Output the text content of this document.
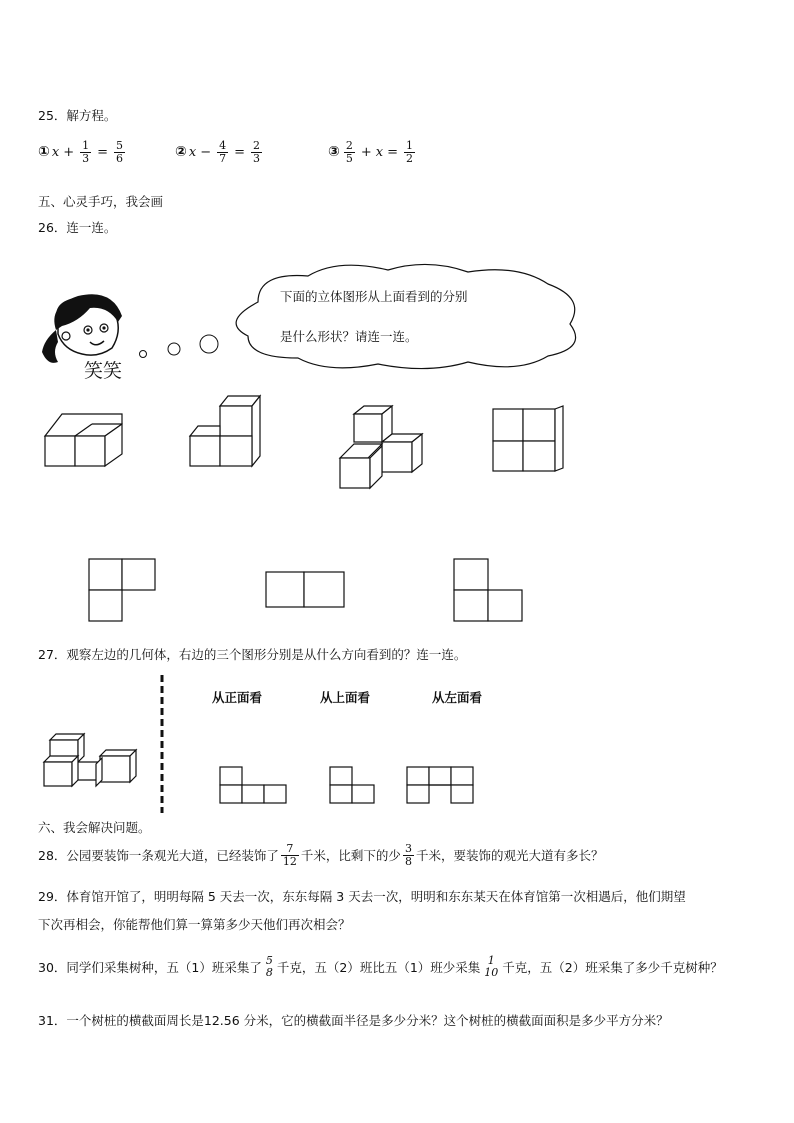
25．解方程。
① $x + \frac{1}{3} = \frac{5}{6}$	② $x - \frac{4}{7} = \frac{2}{3}$	③ $\frac{2}{5} + x = \frac{1}{2}$
五、心灵手巧，我会画
26．连一连。
笑笑
下面的立体图形从上面看到的分别
是什么形状？请连一连。
27．观察左边的几何体，右边的三个图形分别是从什么方向看到的？连一连。
从正面看	从上面看	从左面看
六、我会解决问题。
28．公园要装饰一条观光大道，已经装饰了 $\frac{7}{12}$ 千米，比剩下的少 $\frac{3}{8}$ 千米，要装饰的观光大道有多长？
29．体育馆开馆了，明明每隔 5 天去一次，东东每隔 3 天去一次，明明和东东某天在体育馆第一次相遇后，他们期望
下次再相会，你能帮他们算一算第多少天他们再次相会？
30．同学们采集树种，五（1）班采集了 5
8 千克，五（2）班比五（1）班少采集 1
10 千克，五（2）班采集了多少千克树种？
31．一个树桩的横截面周长是12.56 分米，它的横截面半径是多少分米？这个树桩的横截面面积是多少平方分米？
